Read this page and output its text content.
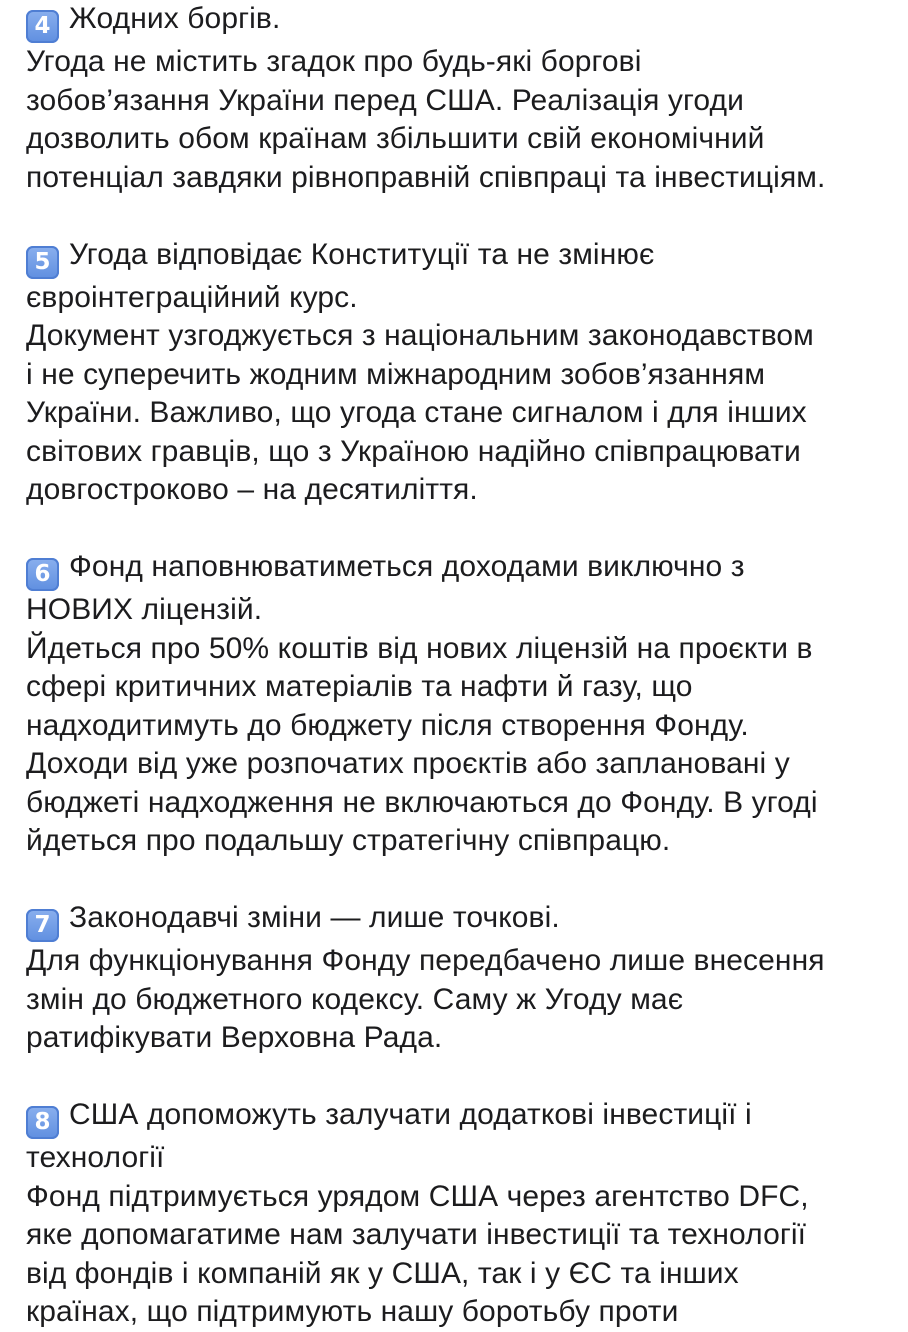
4 Жодних боргів.
Угода не містить згадок про будь-які боргові
зобов’язання України перед США. Реалізація угоди
дозволить обом країнам збільшити свій економічний
потенціал завдяки рівноправній співпраці та інвестиціям.
5 Угода відповідає Конституції та не змінює
євроінтеграційний курс.
Документ узгоджується з національним законодавством
і не суперечить жодним міжнародним зобов’язанням
України. Важливо, що угода стане сигналом і для інших
світових гравців, що з Україною надійно співпрацювати
довгостроково – на десятиліття.
6 Фонд наповнюватиметься доходами виключно з
НОВИХ ліцензій.
Йдеться про 50% коштів від нових ліцензій на проєкти в
сфері критичних матеріалів та нафти й газу, що
надходитимуть до бюджету після створення Фонду.
Доходи від уже розпочатих проєктів або заплановані у
бюджеті надходження не включаються до Фонду. В угоді
йдеться про подальшу стратегічну співпрацю.
7 Законодавчі зміни — лише точкові.
Для функціонування Фонду передбачено лише внесення
змін до бюджетного кодексу. Саму ж Угоду має
ратифікувати Верховна Рада.
8 США допоможуть залучати додаткові інвестиції і
технології
Фонд підтримується урядом США через агентство DFC,
яке допомагатиме нам залучати інвестиції та технології
від фондів і компаній як у США, так і у ЄС та інших
країнах, що підтримують нашу боротьбу проти
